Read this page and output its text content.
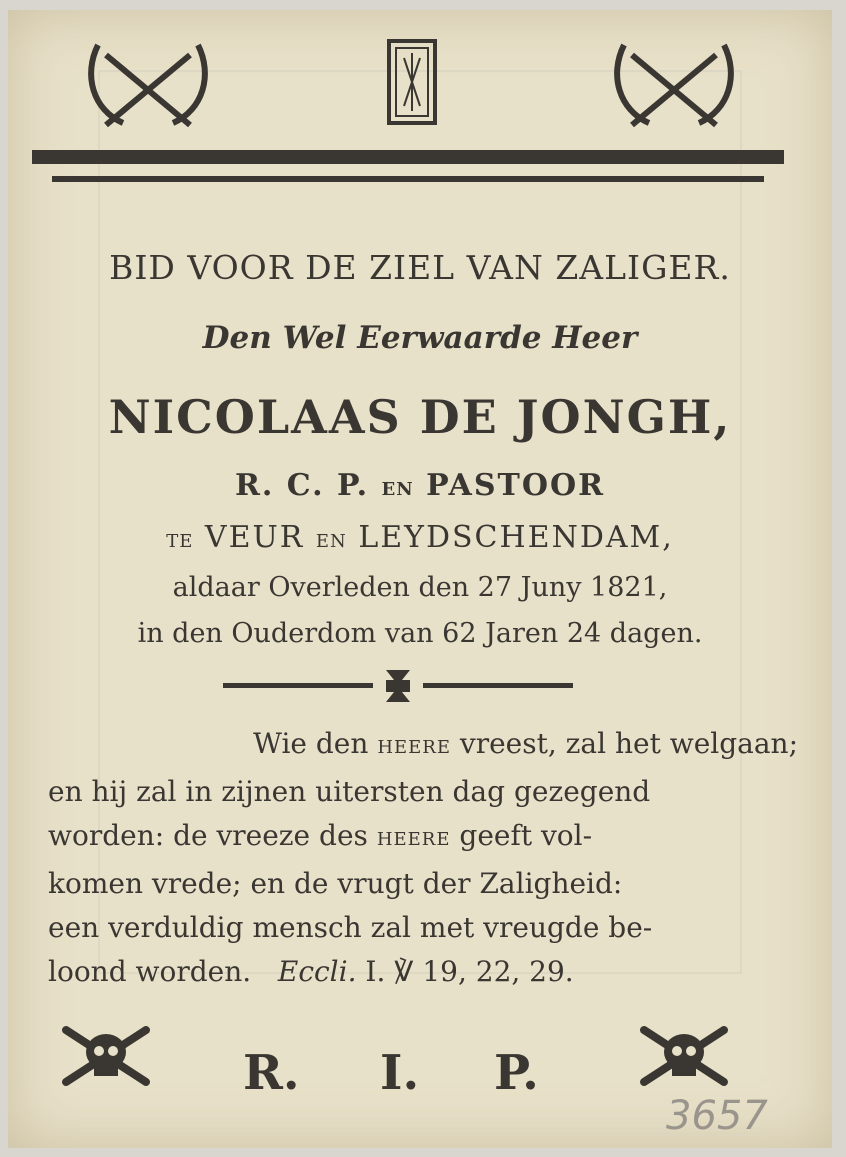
BID VOOR DE ZIEL VAN ZALIGER.
Den Wel Eerwaarde Heer
NICOLAAS DE JONGH,
R. C. P. EN PASTOOR
TE VEUR EN LEYDSCHENDAM,
aldaar Overleden den 27 Juny 1821,
in den Ouderdom van 62 Jaren 24 dagen.
Wie den HEERE vreest, zal het welgaan;
en hij zal in zijnen uitersten dag gezegend
worden: de vreeze des HEERE geeft vol-
komen vrede; en de vrugt der Zaligheid:
een verduldig mensch zal met vreugde be-
loond worden. Eccli. I. ℣ 19, 22, 29.
R. I. P.
3657
